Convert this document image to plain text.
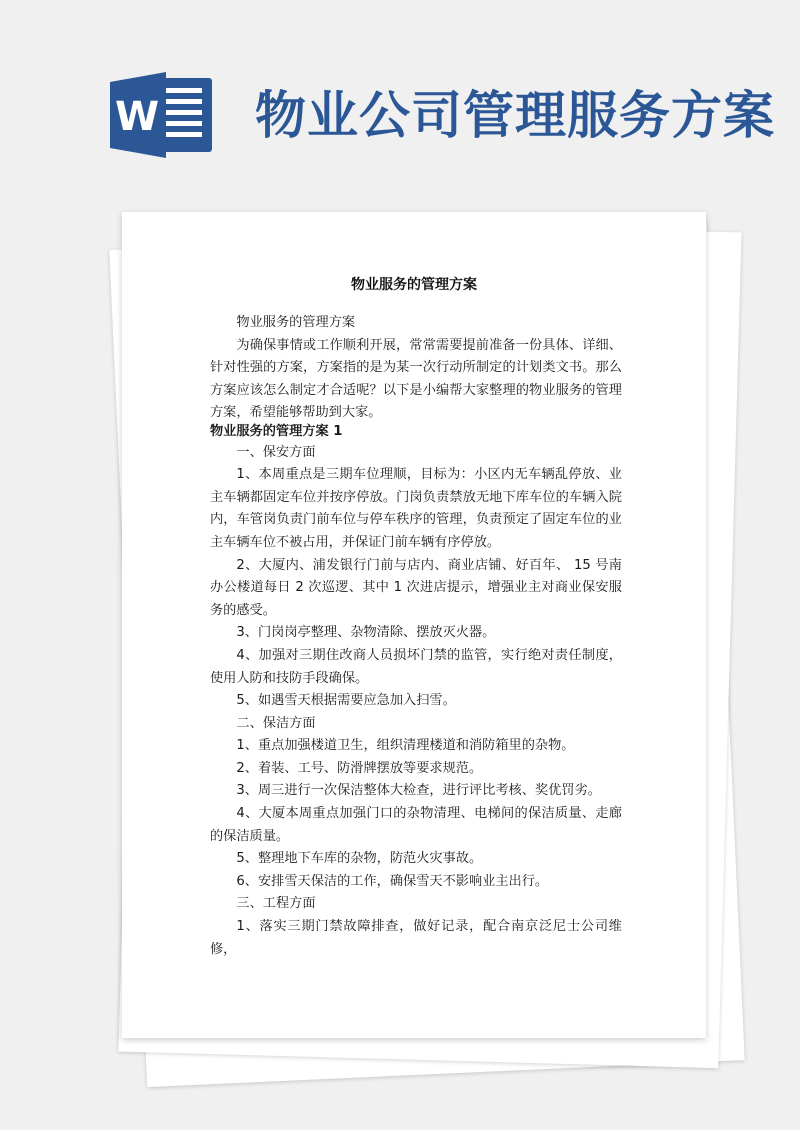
W 物业公司管理服务方案
物业服务的管理方案

物业服务的管理方案

为确保事情或工作顺利开展，常常需要提前准备一份具体、详细、针对性强的方案，方案指的是为某一次行动所制定的计划类文书。那么方案应该怎么制定才合适呢？以下是小编帮大家整理的物业服务的管理方案，希望能够帮助到大家。

物业服务的管理方案 1

一、保安方面

1、本周重点是三期车位理顺，目标为：小区内无车辆乱停放、业主车辆都固定车位并按序停放。门岗负责禁放无地下库车位的车辆入院内，车管岗负责门前车位与停车秩序的管理，负责预定了固定车位的业主车辆车位不被占用，并保证门前车辆有序停放。

2、大厦内、浦发银行门前与店内、商业店铺、好百年、 15 号南办公楼道每日 2 次巡逻、其中 1 次进店提示，增强业主对商业保安服务的感受。

3、门岗岗亭整理、杂物清除、摆放灭火器。

4、加强对三期住改商人员损坏门禁的监管，实行绝对责任制度，使用人防和技防手段确保。

5、如遇雪天根据需要应急加入扫雪。

二、保洁方面

1、重点加强楼道卫生，组织清理楼道和消防箱里的杂物。

2、着装、工号、防滑牌摆放等要求规范。

3、周三进行一次保洁整体大检查，进行评比考核、奖优罚劣。

4、大厦本周重点加强门口的杂物清理、电梯间的保洁质量、走廊的保洁质量。

5、整理地下车库的杂物，防范火灾事故。

6、安排雪天保洁的工作，确保雪天不影响业主出行。

三、工程方面

1、落实三期门禁故障排查，做好记录，配合南京泛尼士公司维修，
